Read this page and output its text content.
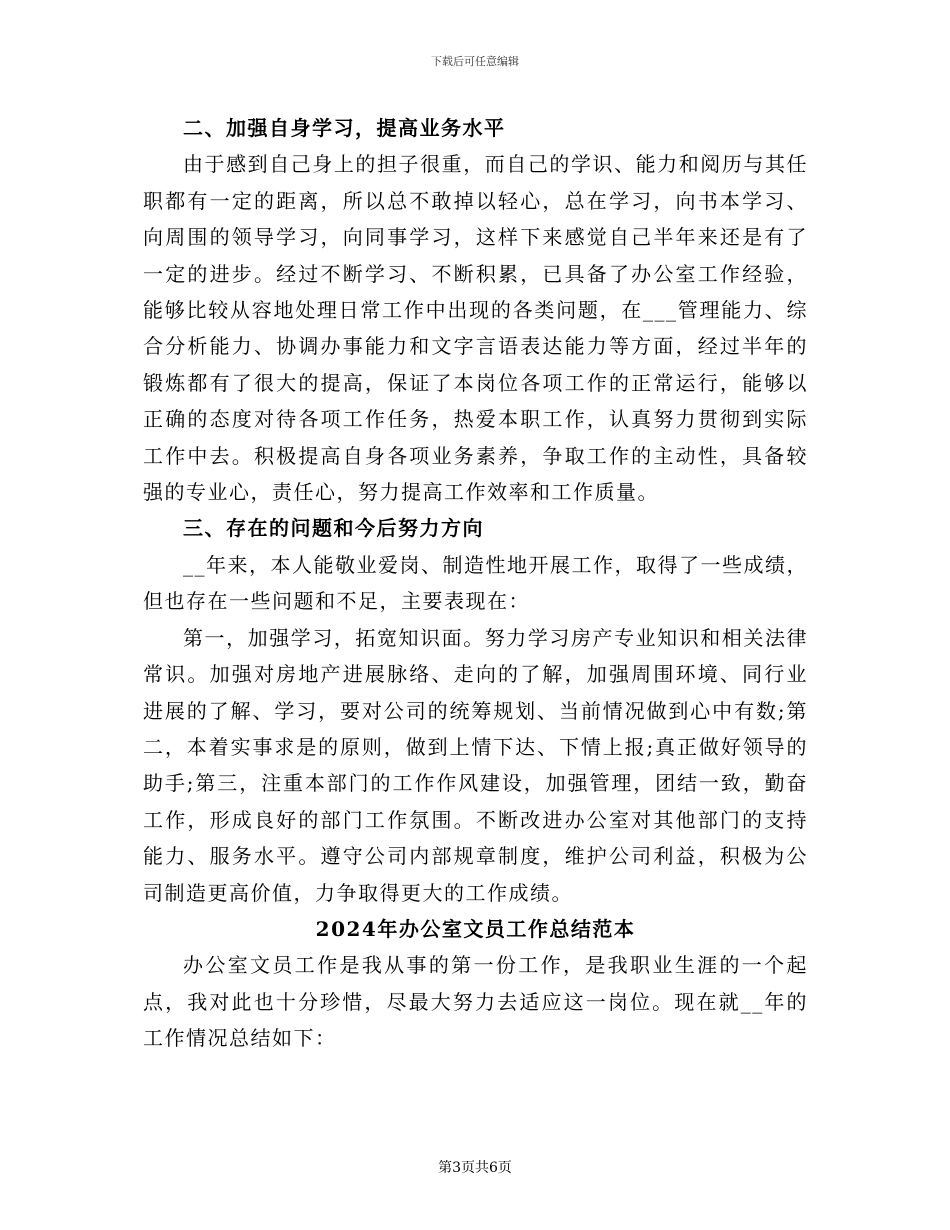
下载后可任意编辑

二、加强自身学习，提高业务水平

由于感到自己身上的担子很重，而自己的学识、能力和阅历与其任职都有一定的距离，所以总不敢掉以轻心，总在学习，向书本学习、向周围的领导学习，向同事学习，这样下来感觉自己半年来还是有了一定的进步。经过不断学习、不断积累，已具备了办公室工作经验，能够比较从容地处理日常工作中出现的各类问题，在___管理能力、综合分析能力、协调办事能力和文字言语表达能力等方面，经过半年的锻炼都有了很大的提高，保证了本岗位各项工作的正常运行，能够以正确的态度对待各项工作任务，热爱本职工作，认真努力贯彻到实际工作中去。积极提高自身各项业务素养，争取工作的主动性，具备较强的专业心，责任心，努力提高工作效率和工作质量。

三、存在的问题和今后努力方向

__年来，本人能敬业爱岗、制造性地开展工作，取得了一些成绩，但也存在一些问题和不足，主要表现在：

第一，加强学习，拓宽知识面。努力学习房产专业知识和相关法律常识。加强对房地产进展脉络、走向的了解，加强周围环境、同行业进展的了解、学习，要对公司的统筹规划、当前情况做到心中有数;第二，本着实事求是的原则，做到上情下达、下情上报;真正做好领导的助手;第三，注重本部门的工作作风建设，加强管理，团结一致，勤奋工作，形成良好的部门工作氛围。不断改进办公室对其他部门的支持能力、服务水平。遵守公司内部规章制度，维护公司利益，积极为公司制造更高价值，力争取得更大的工作成绩。

2024年办公室文员工作总结范本

办公室文员工作是我从事的第一份工作，是我职业生涯的一个起点，我对此也十分珍惜，尽最大努力去适应这一岗位。现在就__年的工作情况总结如下：

第3页共6页
